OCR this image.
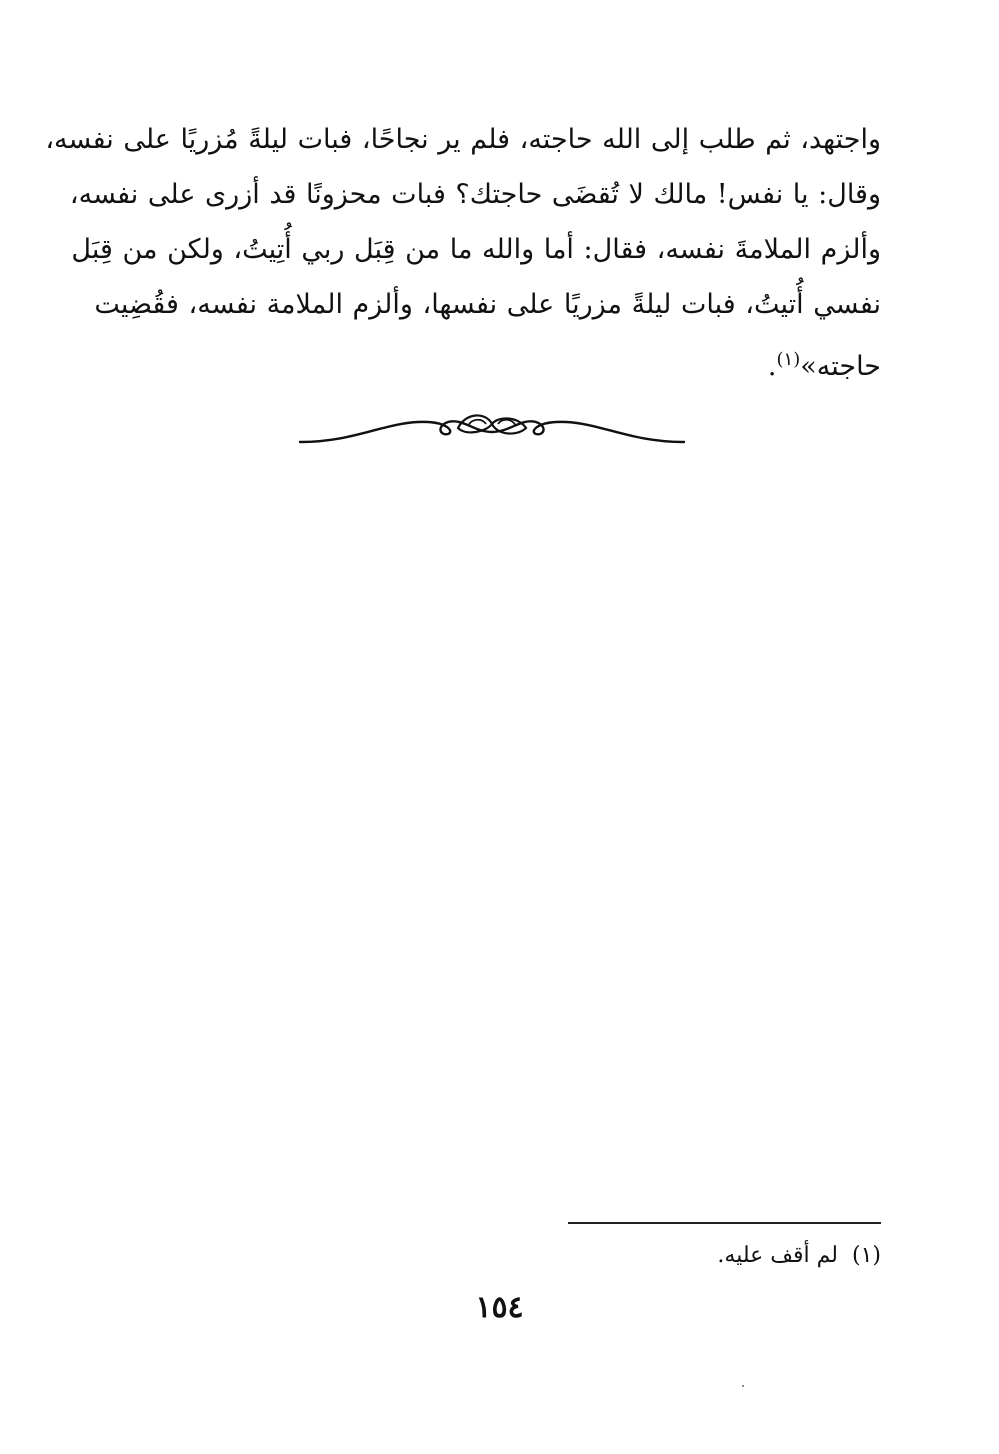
واجتهد، ثم طلب إلى الله حاجته، فلم ير نجاحًا، فبات ليلةً مُزريًا على نفسه،
وقال: يا نفس! مالك لا تُقضَى حاجتك؟ فبات محزونًا قد أزرى على نفسه،
وألزم الملامةَ نفسه، فقال: أما والله ما من قِبَل ربي أُتِيتُ، ولكن من قِبَل
نفسي أُتيتُ، فبات ليلةً مزريًا على نفسها، وألزم الملامة نفسه، فقُضِيت
حاجته»$^{(١)}$.
(١)لم أقف عليه.
١٥٤
